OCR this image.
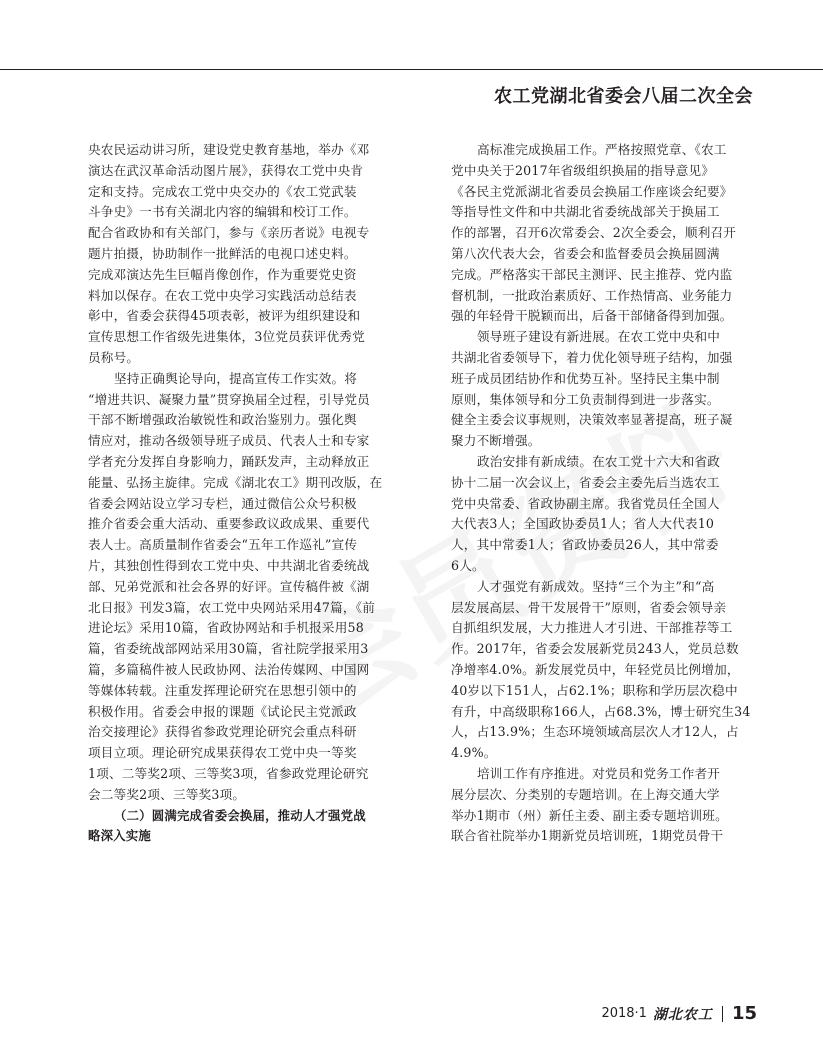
农工党湖北省委会八届二次全会
央农民运动讲习所，建设党史教育基地，举办《邓
演达在武汉革命活动图片展》，获得农工党中央肯
定和支持。完成农工党中央交办的《农工党武装
斗争史》一书有关湖北内容的编辑和校订工作。
配合省政协和有关部门，参与《亲历者说》电视专
题片拍摄，协助制作一批鲜活的电视口述史料。
完成邓演达先生巨幅肖像创作，作为重要党史资
料加以保存。在农工党中央学习实践活动总结表
彰中，省委会获得45项表彰，被评为组织建设和
宣传思想工作省级先进集体，3位党员获评优秀党
员称号。
坚持正确舆论导向，提高宣传工作实效。将
“增进共识、凝聚力量”贯穿换届全过程，引导党员
干部不断增强政治敏锐性和政治鉴别力。强化舆
情应对，推动各级领导班子成员、代表人士和专家
学者充分发挥自身影响力，踊跃发声，主动释放正
能量、弘扬主旋律。完成《湖北农工》期刊改版，在
省委会网站设立学习专栏，通过微信公众号积极
推介省委会重大活动、重要参政议政成果、重要代
表人士。高质量制作省委会“五年工作巡礼”宣传
片，其独创性得到农工党中央、中共湖北省委统战
部、兄弟党派和社会各界的好评。宣传稿件被《湖
北日报》刊发3篇，农工党中央网站采用47篇，《前
进论坛》采用10篇，省政协网站和手机报采用58
篇，省委统战部网站采用30篇，省社院学报采用3
篇，多篇稿件被人民政协网、法治传媒网、中国网
等媒体转载。注重发挥理论研究在思想引领中的
积极作用。省委会申报的课题《试论民主党派政
治交接理论》获得省参政党理论研究会重点科研
项目立项。理论研究成果获得农工党中央一等奖
1项、二等奖2项、三等奖3项，省参政党理论研究
会二等奖2项、三等奖3项。
（二）圆满完成省委会换届，推动人才强党战
略深入实施
高标准完成换届工作。严格按照党章、《农工
党中央关于2017年省级组织换届的指导意见》
《各民主党派湖北省委员会换届工作座谈会纪要》
等指导性文件和中共湖北省委统战部关于换届工
作的部署，召开6次常委会、2次全委会，顺利召开
第八次代表大会，省委会和监督委员会换届圆满
完成。严格落实干部民主测评、民主推荐、党内监
督机制，一批政治素质好、工作热情高、业务能力
强的年轻骨干脱颖而出，后备干部储备得到加强。
领导班子建设有新进展。在农工党中央和中
共湖北省委领导下，着力优化领导班子结构，加强
班子成员团结协作和优势互补。坚持民主集中制
原则，集体领导和分工负责制得到进一步落实。
健全主委会议事规则，决策效率显著提高，班子凝
聚力不断增强。
政治安排有新成绩。在农工党十六大和省政
协十二届一次会议上，省委会主委先后当选农工
党中央常委、省政协副主席。我省党员任全国人
大代表3人；全国政协委员1人；省人大代表10
人，其中常委1人；省政协委员26人，其中常委
6人。
人才强党有新成效。坚持“三个为主”和“高
层发展高层、骨干发展骨干”原则，省委会领导亲
自抓组织发展，大力推进人才引进、干部推荐等工
作。2017年，省委会发展新党员243人，党员总数
净增率4.0%。新发展党员中，年轻党员比例增加，
40岁以下151人，占62.1%；职称和学历层次稳中
有升，中高级职称166人，占68.3%，博士研究生34
人，占13.9%；生态环境领域高层次人才12人，占
4.9%。
培训工作有序推进。对党员和党务工作者开
展分层次、分类别的专题培训。在上海交通大学
举办1期市（州）新任主委、副主委专题培训班。
联合省社院举办1期新党员培训班，1期党员骨干
2018·1 湖北农工 15
